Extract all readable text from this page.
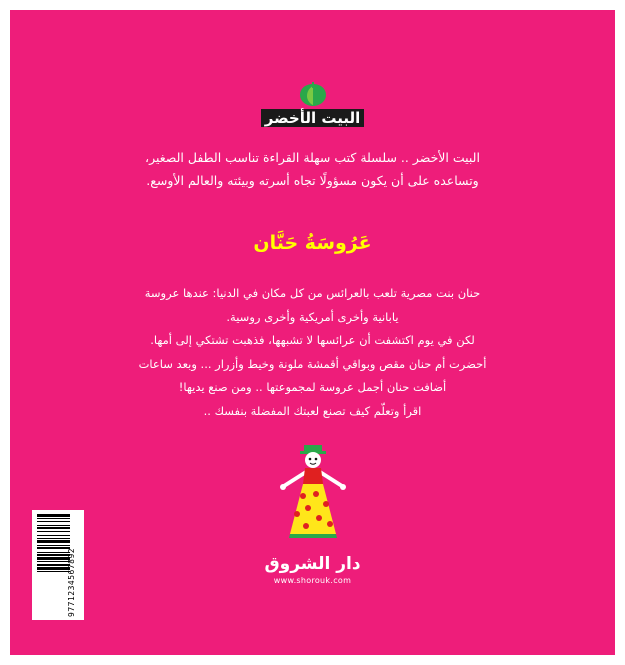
البيت الأخضر
البيت الأخضر .. سلسلة كتب سهلة القراءة تناسب الطفل الصغير،
وتساعده على أن يكون مسؤولًا تجاه أسرته وبيئته والعالم الأوسع.
عَرُوسَةُ حَنَّان
حنان بنت مصرية تلعب بالعرائس من كل مكان في الدنيا: عندها عروسة
يابانية وأخرى أمريكية وأخرى روسية.
لكن في يوم اكتشفت أن عرائسها لا تشبهها، فذهبت تشتكي إلى أمها.
أحضرت أم حنان مقص وبواقي أقمشة ملونة وخيط وأزرار ... وبعد ساعات
أضافت حنان أجمل عروسة لمجموعتها .. ومن صنع يديها!
اقرأ وتعلّم كيف تصنع لعبتك المفضلة بنفسك ..
دار الشروق
www.shorouk.com
9771234567892
